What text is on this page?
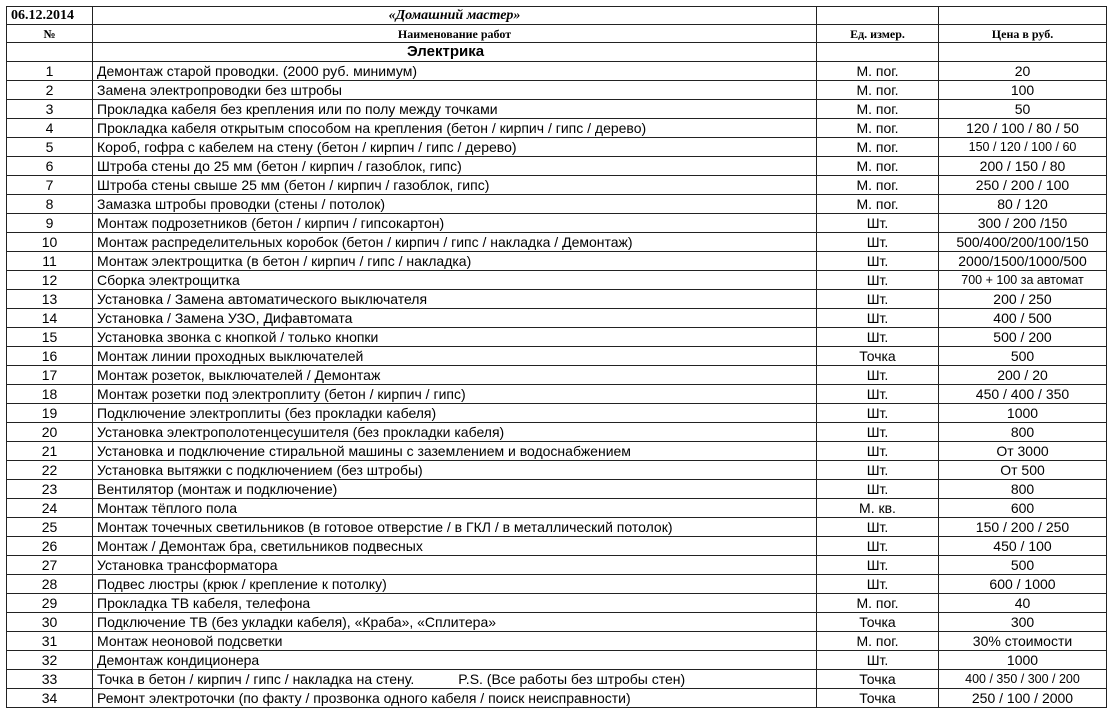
06.12.2014	«Домашний мастер»		
№	Наименование работ	Ед. измер.	Цена в руб.
	Электрика		
1	Демонтаж старой проводки. (2000 руб. минимум)	М. пог.	20
2	Замена электропроводки без штробы	М. пог.	100
3	Прокладка кабеля без крепления или по полу между точками	М. пог.	50
4	Прокладка кабеля открытым способом на крепления (бетон / кирпич / гипс / дерево)	М. пог.	120 / 100 / 80 / 50
5	Короб, гофра с кабелем на стену (бетон / кирпич / гипс / дерево)	М. пог.	150 / 120 / 100 / 60
6	Штроба стены до 25 мм (бетон / кирпич / газоблок, гипс)	М. пог.	200 / 150 / 80
7	Штроба стены свыше 25 мм (бетон / кирпич / газоблок, гипс)	М. пог.	250 / 200 / 100
8	Замазка штробы проводки (стены / потолок)	М. пог.	80 / 120
9	Монтаж подрозетников (бетон / кирпич / гипсокартон)	Шт.	300 / 200 /150
10	Монтаж распределительных коробок (бетон / кирпич / гипс / накладка / Демонтаж)	Шт.	500/400/200/100/150
11	Монтаж электрощитка (в бетон / кирпич / гипс / накладка)	Шт.	2000/1500/1000/500
12	Сборка электрощитка	Шт.	700 + 100 за автомат
13	Установка / Замена автоматического выключателя	Шт.	200 / 250
14	Установка / Замена УЗО, Дифавтомата	Шт.	400 / 500
15	Установка звонка с кнопкой / только кнопки	Шт.	500 / 200
16	Монтаж линии проходных выключателей	Точка	500
17	Монтаж розеток, выключателей / Демонтаж	Шт.	200 / 20
18	Монтаж розетки под электроплиту (бетон / кирпич / гипс)	Шт.	450 / 400 / 350
19	Подключение электроплиты (без прокладки кабеля)	Шт.	1000
20	Установка электрополотенцесушителя (без прокладки кабеля)	Шт.	800
21	Установка и подключение стиральной машины с заземлением и водоснабжением	Шт.	От 3000
22	Установка вытяжки с подключением (без штробы)	Шт.	От 500
23	Вентилятор (монтаж и подключение)	Шт.	800
24	Монтаж тёплого пола	М. кв.	600
25	Монтаж точечных светильников (в готовое отверстие / в ГКЛ / в металлический потолок)	Шт.	150 / 200 / 250
26	Монтаж / Демонтаж бра, светильников подвесных	Шт.	450 / 100
27	Установка трансформатора	Шт.	500
28	Подвес люстры (крюк / крепление к потолку)	Шт.	600 / 1000
29	Прокладка ТВ кабеля, телефона	М. пог.	40
30	Подключение ТВ (без укладки кабеля), «Краба», «Сплитера»	Точка	300
31	Монтаж неоновой подсветки	М. пог.	30% стоимости
32	Демонтаж кондиционера	Шт.	1000
33	Точка в бетон / кирпич / гипс / накладка на стену. P.S. (Все работы без штробы стен)	Точка	400 / 350 / 300 / 200
34	Ремонт электроточки (по факту / прозвонка одного кабеля / поиск неисправности)	Точка	250 / 100 / 2000
